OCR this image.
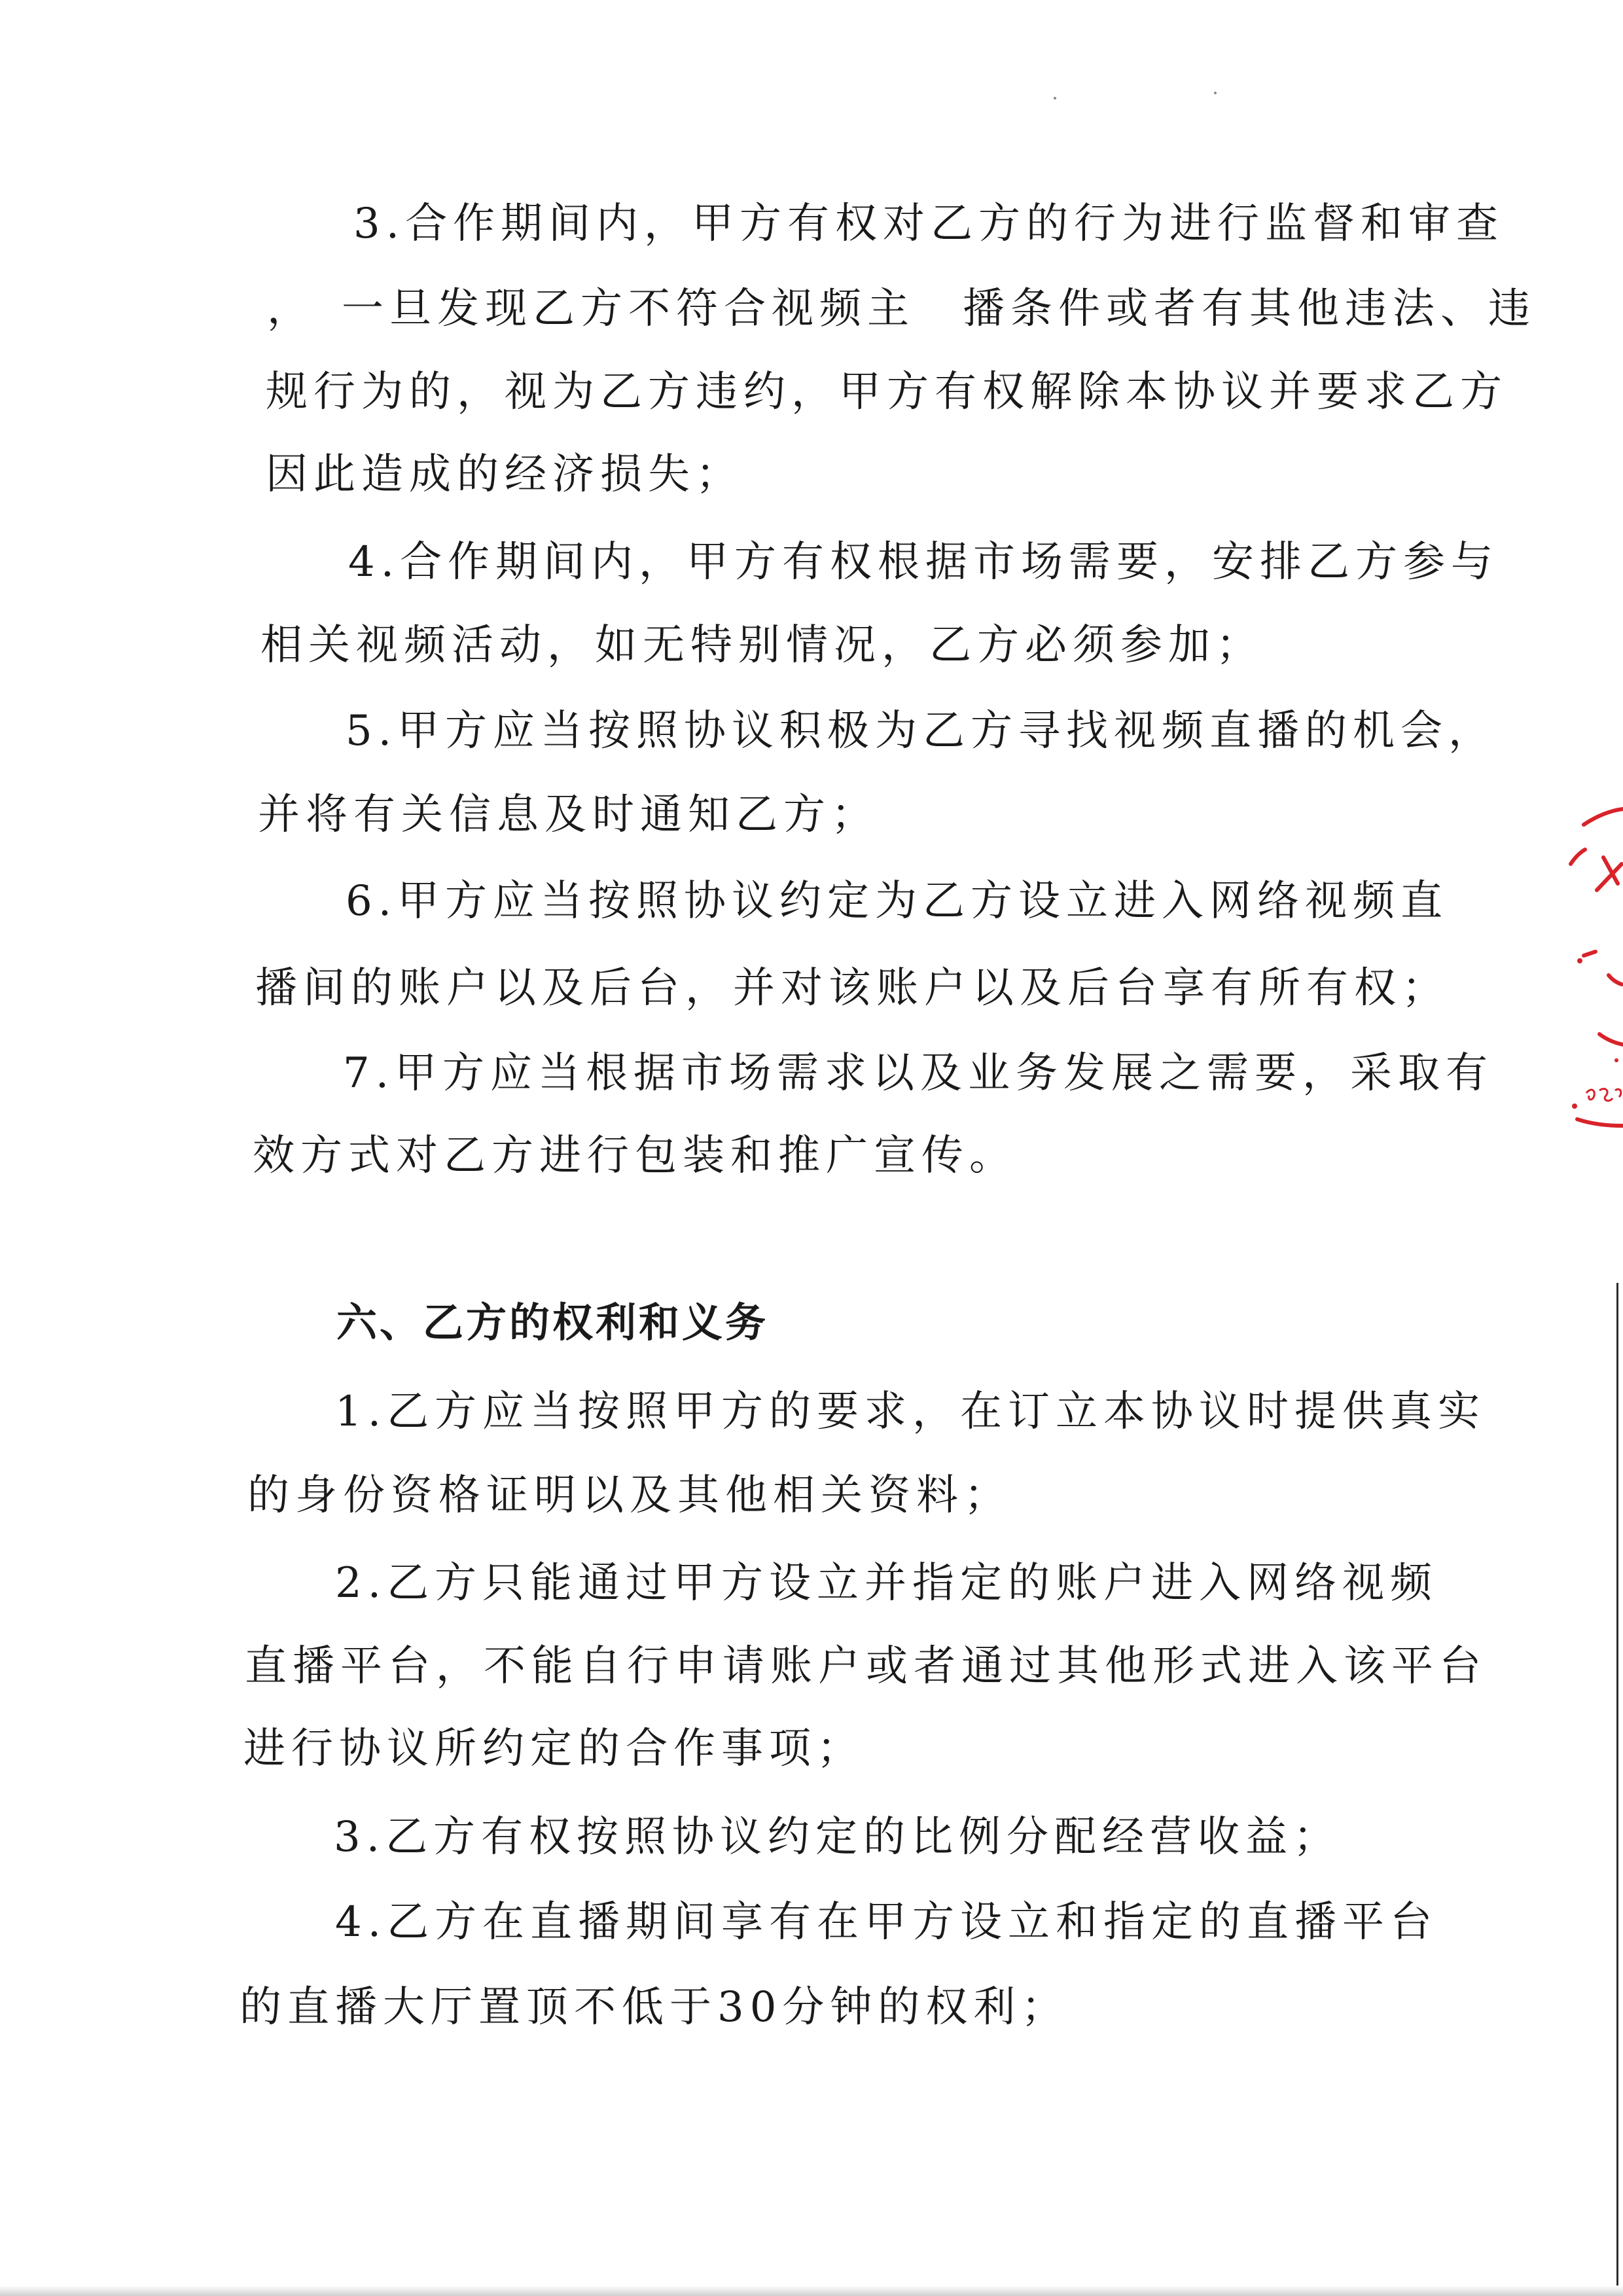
3.合作期间内，甲方有权对乙方的行为进行监督和审查
，　一旦发现乙方不符合视频主　播条件或者有其他违法、违
规行为的，视为乙方违约，甲方有权解除本协议并要求乙方
因此造成的经济损失；
4.合作期间内，甲方有权根据市场需要，安排乙方参与
相关视频活动，如无特别情况，乙方必须参加；
5.甲方应当按照协议积极为乙方寻找视频直播的机会，
并将有关信息及时通知乙方；
6.甲方应当按照协议约定为乙方设立进入网络视频直
播间的账户以及后台，并对该账户以及后台享有所有权；
7.甲方应当根据市场需求以及业务发展之需要，采取有
效方式对乙方进行包装和推广宣传。
六、乙方的权利和义务
1.乙方应当按照甲方的要求，在订立本协议时提供真实
的身份资格证明以及其他相关资料；
2.乙方只能通过甲方设立并指定的账户进入网络视频
直播平台，不能自行申请账户或者通过其他形式进入该平台
进行协议所约定的合作事项；
3.乙方有权按照协议约定的比例分配经营收益；
4.乙方在直播期间享有在甲方设立和指定的直播平台
的直播大厅置顶不低于30分钟的权利；
